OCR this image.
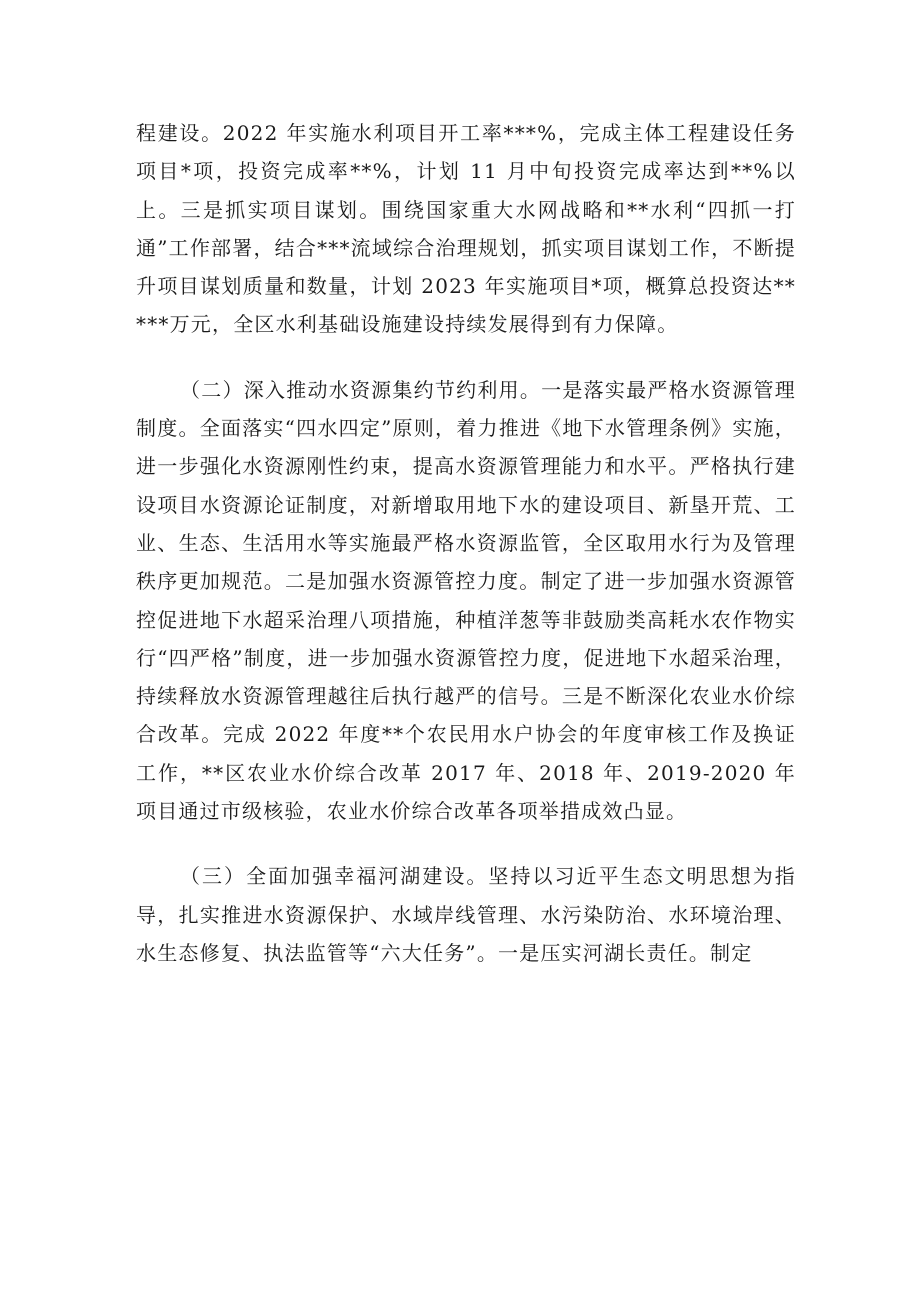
程建设。2022 年实施水利项目开工率***%，完成主体工程建设任务项目*项，投资完成率**%，计划 11 月中旬投资完成率达到**%以上。三是抓实项目谋划。围绕国家重大水网战略和**水利“四抓一打通”工作部署，结合***流域综合治理规划，抓实项目谋划工作，不断提升项目谋划质量和数量，计划 2023 年实施项目*项，概算总投资达*****万元，全区水利基础设施建设持续发展得到有力保障。

（二）深入推动水资源集约节约利用。一是落实最严格水资源管理制度。全面落实“四水四定”原则，着力推进《地下水管理条例》实施，进一步强化水资源刚性约束，提高水资源管理能力和水平。严格执行建设项目水资源论证制度，对新增取用地下水的建设项目、新垦开荒、工业、生态、生活用水等实施最严格水资源监管，全区取用水行为及管理秩序更加规范。二是加强水资源管控力度。制定了进一步加强水资源管控促进地下水超采治理八项措施，种植洋葱等非鼓励类高耗水农作物实行“四严格”制度，进一步加强水资源管控力度，促进地下水超采治理，持续释放水资源管理越往后执行越严的信号。三是不断深化农业水价综合改革。完成 2022 年度**个农民用水户协会的年度审核工作及换证工作，**区农业水价综合改革 2017 年、2018 年、2019-2020 年项目通过市级核验，农业水价综合改革各项举措成效凸显。

（三）全面加强幸福河湖建设。坚持以习近平生态文明思想为指导，扎实推进水资源保护、水域岸线管理、水污染防治、水环境治理、水生态修复、执法监管等“六大任务”。一是压实河湖长责任。制定
